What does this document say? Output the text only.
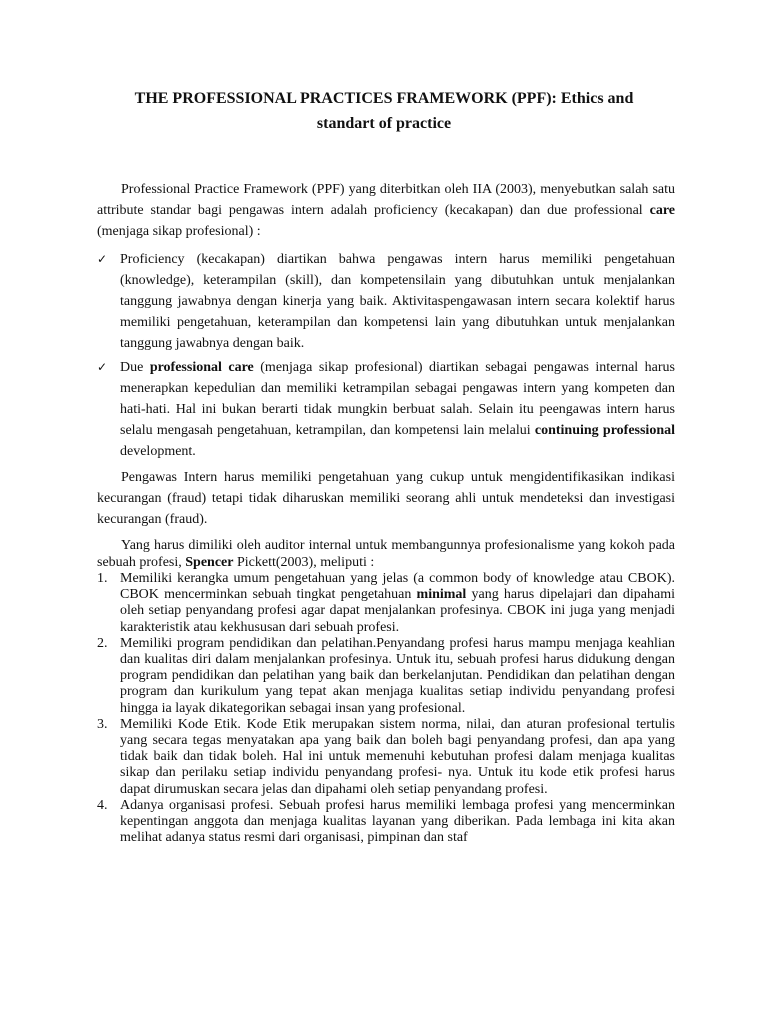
THE PROFESSIONAL PRACTICES FRAMEWORK (PPF): Ethics and
standart of practice
Professional Practice Framework (PPF) yang diterbitkan oleh IIA (2003), menyebutkan salah satu attribute standar bagi pengawas intern adalah proficiency (kecakapan) dan due professional care (menjaga sikap profesional) :
✓ Proficiency (kecakapan) diartikan bahwa pengawas intern harus memiliki pengetahuan (knowledge), keterampilan (skill), dan kompetensilain yang dibutuhkan untuk menjalankan tanggung jawabnya dengan kinerja yang baik. Aktivitaspengawasan intern secara kolektif harus memiliki pengetahuan, keterampilan dan kompetensi lain yang dibutuhkan untuk menjalankan tanggung jawabnya dengan baik.
✓ Due professional care (menjaga sikap profesional) diartikan sebagai pengawas internal harus menerapkan kepedulian dan memiliki ketrampilan sebagai pengawas intern yang kompeten dan hati-hati. Hal ini bukan berarti tidak mungkin berbuat salah. Selain itu peengawas intern harus selalu mengasah pengetahuan, ketrampilan, dan kompetensi lain melalui continuing professional development.
Pengawas Intern harus memiliki pengetahuan yang cukup untuk mengidentifikasikan indikasi kecurangan (fraud) tetapi tidak diharuskan memiliki seorang ahli untuk mendeteksi dan investigasi kecurangan (fraud).
Yang harus dimiliki oleh auditor internal untuk membangunnya profesionalisme yang kokoh pada sebuah profesi, Spencer Pickett(2003), meliputi :
1. Memiliki kerangka umum pengetahuan yang jelas (a common body of knowledge atau CBOK). CBOK mencerminkan sebuah tingkat pengetahuan minimal yang harus dipelajari dan dipahami oleh setiap penyandang profesi agar dapat menjalankan profesinya. CBOK ini juga yang menjadi karakteristik atau kekhususan dari sebuah profesi.
2. Memiliki program pendidikan dan pelatihan.Penyandang profesi harus mampu menjaga keahlian dan kualitas diri dalam menjalankan profesinya. Untuk itu, sebuah profesi harus didukung dengan program pendidikan dan pelatihan yang baik dan berkelanjutan. Pendidikan dan pelatihan dengan program dan kurikulum yang tepat akan menjaga kualitas setiap individu penyandang profesi hingga ia layak dikategorikan sebagai insan yang profesional.
3. Memiliki Kode Etik. Kode Etik merupakan sistem norma, nilai, dan aturan profesional tertulis yang secara tegas menyatakan apa yang baik dan boleh bagi penyandang profesi, dan apa yang tidak baik dan tidak boleh. Hal ini untuk memenuhi kebutuhan profesi dalam menjaga kualitas sikap dan perilaku setiap individu penyandang profesi- nya. Untuk itu kode etik profesi harus dapat dirumuskan secara jelas dan dipahami oleh setiap penyandang profesi.
4. Adanya organisasi profesi. Sebuah profesi harus memiliki lembaga profesi yang mencerminkan kepentingan anggota dan menjaga kualitas layanan yang diberikan. Pada lembaga ini kita akan melihat adanya status resmi dari organisasi, pimpinan dan staf
